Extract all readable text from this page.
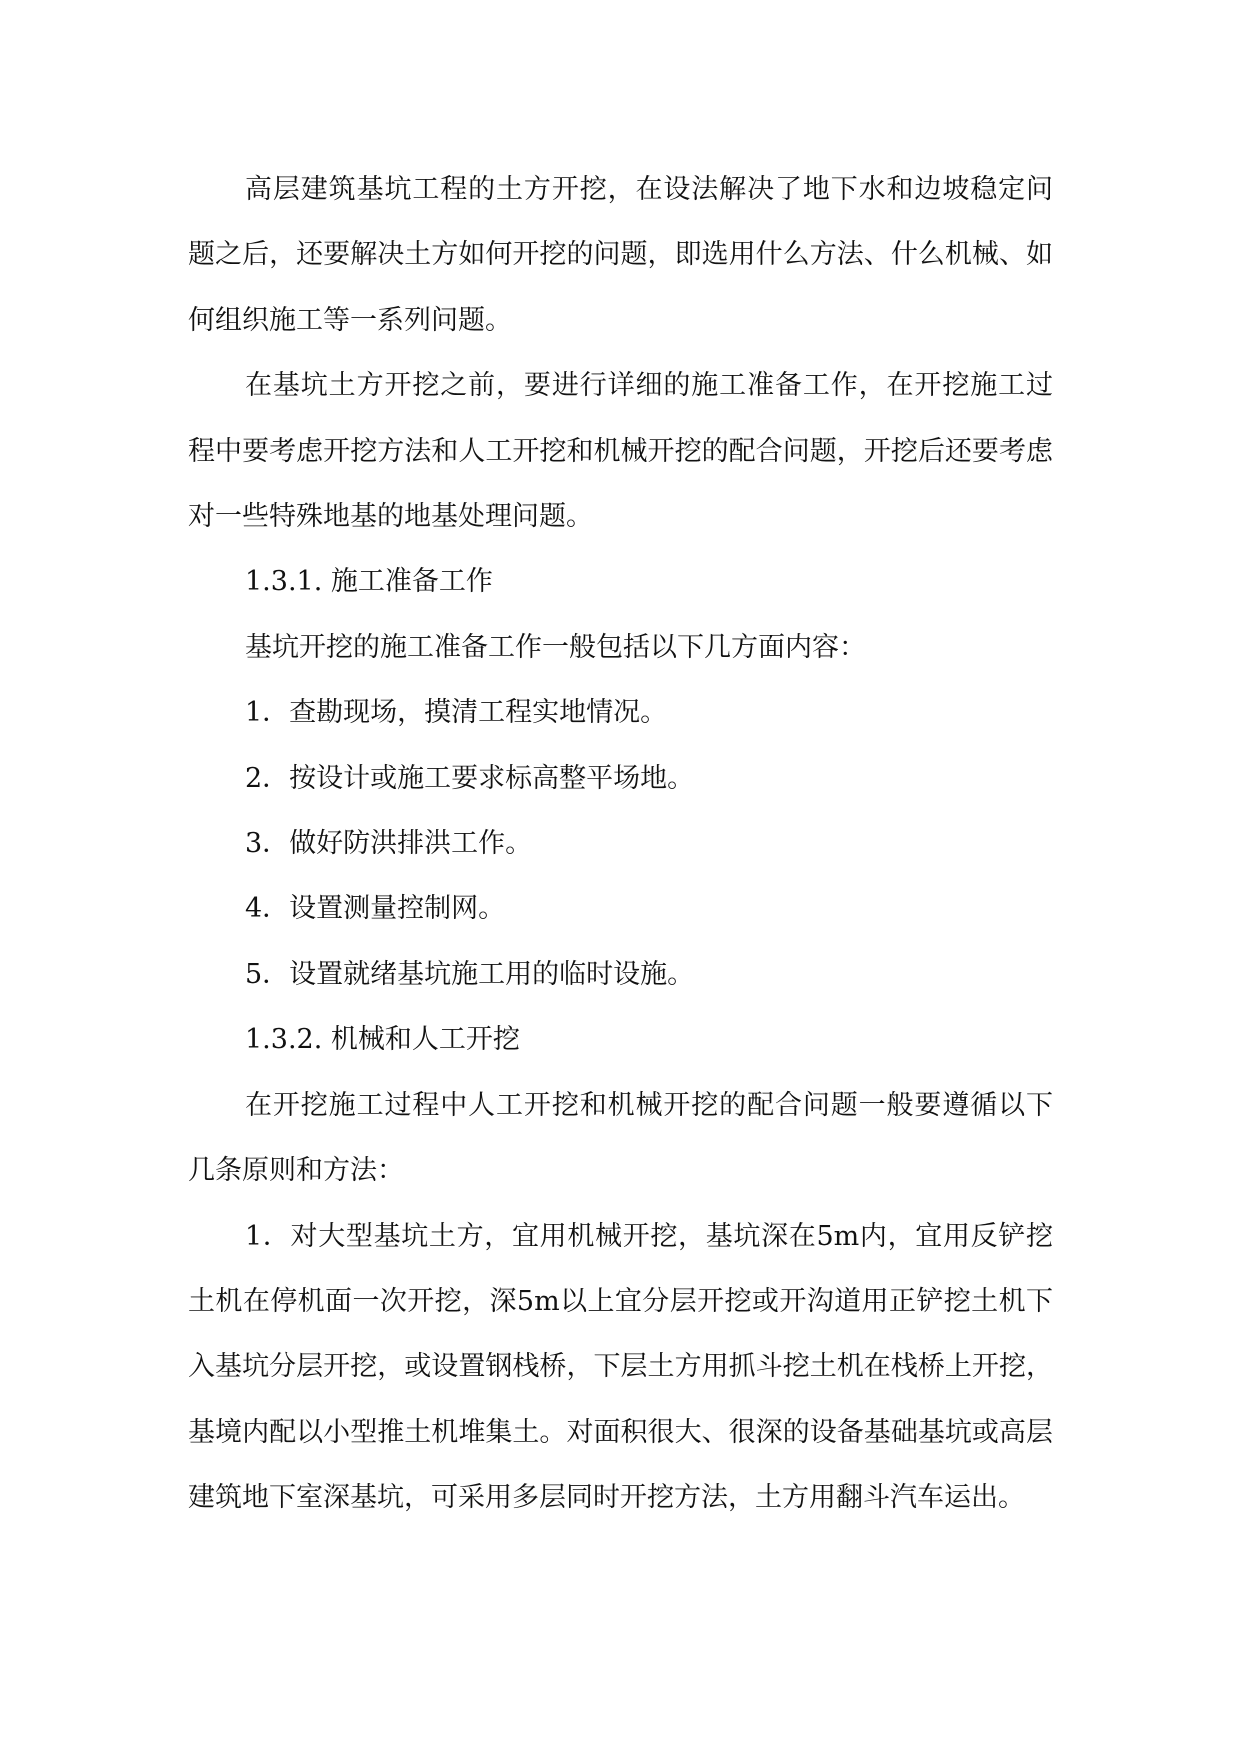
高层建筑基坑工程的土方开挖，在设法解决了地下水和边坡稳定问题之后，还要解决土方如何开挖的问题，即选用什么方法、什么机械、如何组织施工等一系列问题。

在基坑土方开挖之前，要进行详细的施工准备工作，在开挖施工过程中要考虑开挖方法和人工开挖和机械开挖的配合问题，开挖后还要考虑对一些特殊地基的地基处理问题。

1.3.1. 施工准备工作

基坑开挖的施工准备工作一般包括以下几方面内容：

1．查勘现场，摸清工程实地情况。

2．按设计或施工要求标高整平场地。

3．做好防洪排洪工作。

4．设置测量控制网。

5．设置就绪基坑施工用的临时设施。

1.3.2. 机械和人工开挖

在开挖施工过程中人工开挖和机械开挖的配合问题一般要遵循以下几条原则和方法：

1．对大型基坑土方，宜用机械开挖，基坑深在5m内，宜用反铲挖土机在停机面一次开挖，深5m以上宜分层开挖或开沟道用正铲挖土机下入基坑分层开挖，或设置钢栈桥，下层土方用抓斗挖土机在栈桥上开挖，基境内配以小型推土机堆集土。对面积很大、很深的设备基础基坑或高层建筑地下室深基坑，可采用多层同时开挖方法，土方用翻斗汽车运出。
